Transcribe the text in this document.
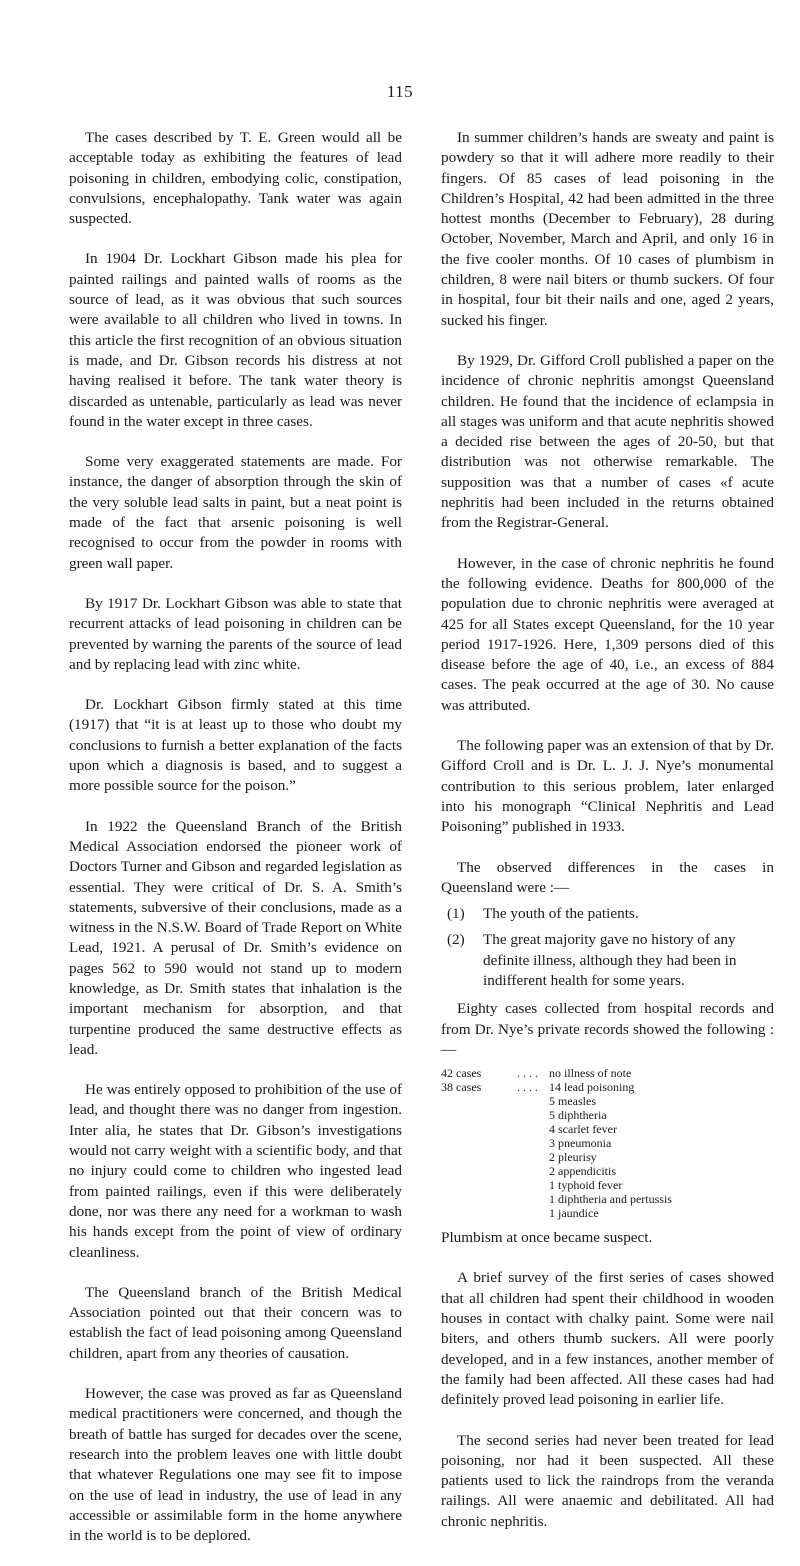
115

The cases described by T. E. Green would all be acceptable today as exhibiting the features of lead poisoning in children, embodying colic, constipation, convulsions, encephalopathy. Tank water was again suspected.

In 1904 Dr. Lockhart Gibson made his plea for painted railings and painted walls of rooms as the source of lead, as it was obvious that such sources were available to all children who lived in towns. In this article the first recognition of an obvious situation is made, and Dr. Gibson records his distress at not having realised it before. The tank water theory is discarded as untenable, particularly as lead was never found in the water except in three cases.

Some very exaggerated statements are made. For instance, the danger of absorption through the skin of the very soluble lead salts in paint, but a neat point is made of the fact that arsenic poisoning is well recognised to occur from the powder in rooms with green wall paper.

By 1917 Dr. Lockhart Gibson was able to state that recurrent attacks of lead poisoning in children can be prevented by warning the parents of the source of lead and by replacing lead with zinc white.

Dr. Lockhart Gibson firmly stated at this time (1917) that “it is at least up to those who doubt my conclusions to furnish a better explanation of the facts upon which a diagnosis is based, and to suggest a more possible source for the poison.”

In 1922 the Queensland Branch of the British Medical Association endorsed the pioneer work of Doctors Turner and Gibson and regarded legislation as essential. They were critical of Dr. S. A. Smith’s statements, subversive of their conclusions, made as a witness in the N.S.W. Board of Trade Report on White Lead, 1921. A perusal of Dr. Smith’s evidence on pages 562 to 590 would not stand up to modern knowledge, as Dr. Smith states that inhalation is the important mechanism for absorption, and that turpentine produced the same destructive effects as lead.

He was entirely opposed to prohibition of the use of lead, and thought there was no danger from ingestion. Inter alia, he states that Dr. Gibson’s investigations would not carry weight with a scientific body, and that no injury could come to children who ingested lead from painted railings, even if this were deliberately done, nor was there any need for a workman to wash his hands except from the point of view of ordinary cleanliness.

The Queensland branch of the British Medical Association pointed out that their concern was to establish the fact of lead poisoning among Queensland children, apart from any theories of causation.

However, the case was proved as far as Queensland medical practitioners were concerned, and though the breath of battle has surged for decades over the scene, research into the problem leaves one with little doubt that whatever Regulations one may see fit to impose on the use of lead in industry, the use of lead in any accessible or assimilable form in the home anywhere in the world is to be deplored.

In summer children’s hands are sweaty and paint is powdery so that it will adhere more readily to their fingers. Of 85 cases of lead poisoning in the Children’s Hospital, 42 had been admitted in the three hottest months (December to February), 28 during October, November, March and April, and only 16 in the five cooler months. Of 10 cases of plumbism in children, 8 were nail biters or thumb suckers. Of four in hospital, four bit their nails and one, aged 2 years, sucked his finger.

By 1929, Dr. Gifford Croll published a paper on the incidence of chronic nephritis amongst Queensland children. He found that the incidence of eclampsia in all stages was uniform and that acute nephritis showed a decided rise between the ages of 20-50, but that distribution was not otherwise remarkable. The supposition was that a number of cases «f acute nephritis had been included in the returns obtained from the Registrar-General.

However, in the case of chronic nephritis he found the following evidence. Deaths for 800,000 of the population due to chronic nephritis were averaged at 425 for all States except Queensland, for the 10 year period 1917-1926. Here, 1,309 persons died of this disease before the age of 40, i.e., an excess of 884 cases. The peak occurred at the age of 30. No cause was attributed.

The following paper was an extension of that by Dr. Gifford Croll and is Dr. L. J. J. Nye’s monumental contribution to this serious problem, later enlarged into his monograph “Clinical Nephritis and Lead Poisoning” published in 1933.

The observed differences in the cases in Queensland were :—

(1)	The youth of the patients.
(2)	The great majority gave no history of any definite illness, although they had been in indifferent health for some years.

Eighty cases collected from hospital records and from Dr. Nye’s private records showed the following :—

42 cases	. . . . no illness of note
38 cases	. . . . 14 lead poisoning
5 measles
5 diphtheria
4 scarlet fever
3 pneumonia
2 pleurisy
2 appendicitis
1 typhoid fever
1 diphtheria and pertussis
1 jaundice

Plumbism at once became suspect.

A brief survey of the first series of cases showed that all children had spent their childhood in wooden houses in contact with chalky paint. Some were nail biters, and others thumb suckers. All were poorly developed, and in a few instances, another member of the family had been affected. All these cases had had definitely proved lead poisoning in earlier life.

The second series had never been treated for lead poisoning, nor had it been suspected. All these patients used to lick the raindrops from the veranda railings. All were anaemic and debilitated. All had chronic nephritis.
